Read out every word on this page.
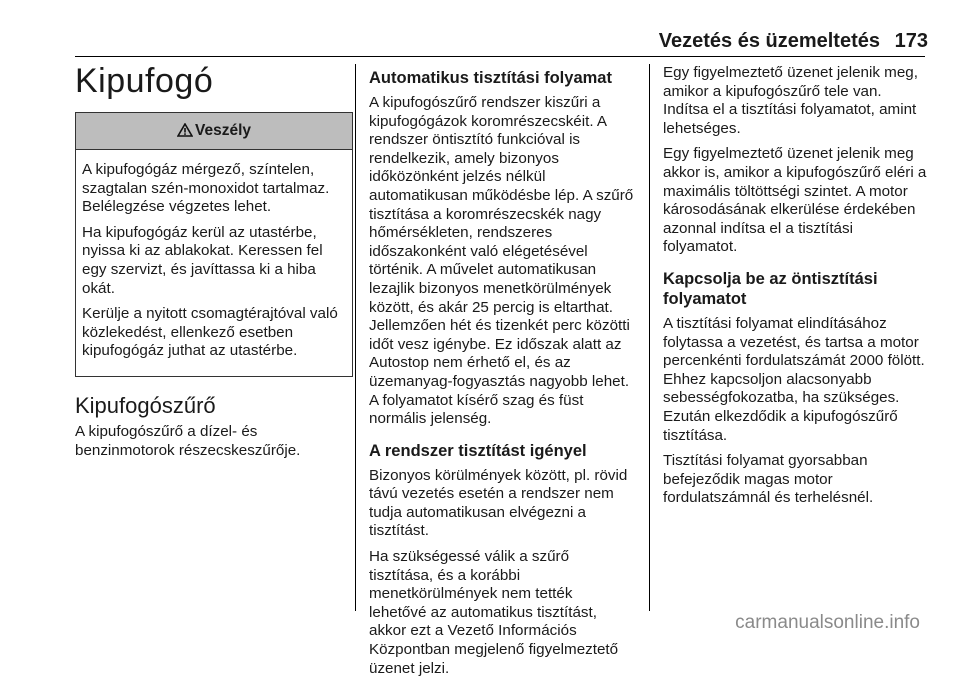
Vezetés és üzemeltetés 173
Kipufogó
Veszély

A kipufogógáz mérgező, színtelen, szagtalan szén-monoxidot tartalmaz. Belélegzése végzetes lehet.

Ha kipufogógáz kerül az utastérbe, nyissa ki az ablakokat. Keressen fel egy szervizt, és javíttassa ki a hiba okát.

Kerülje a nyitott csomagtérajtóval való közlekedést, ellenkező esetben kipufogógáz juthat az utastérbe.

Kipufogószűrő

A kipufogószűrő a dízel- és benzinmotorok részecskeszűrője.

Automatikus tisztítási folyamat

A kipufogószűrő rendszer kiszűri a kipufogógázok koromrészecskéit. A rendszer öntisztító funkcióval is rendelkezik, amely bizonyos időközönként jelzés nélkül automatikusan működésbe lép. A szűrő tisztítása a koromrészecskék nagy hőmérsékleten, rendszeres időszakonként való elégetésével történik. A művelet automatikusan lezajlik bizonyos menetkörülmények között, és akár 25 percig is eltarthat. Jellemzően hét és tizenkét perc közötti időt vesz igénybe. Ez időszak alatt az Autostop nem érhető el, és az üzemanyag-fogyasztás nagyobb lehet. A folyamatot kísérő szag és füst normális jelenség.

A rendszer tisztítást igényel

Bizonyos körülmények között, pl. rövid távú vezetés esetén a rendszer nem tudja automatikusan elvégezni a tisztítást.

Ha szükségessé válik a szűrő tisztítása, és a korábbi menetkörülmények nem tették lehetővé az automatikus tisztítást, akkor ezt a Vezető Információs Központban megjelenő figyelmeztető üzenet jelzi.

Egy figyelmeztető üzenet jelenik meg, amikor a kipufogószűrő tele van. Indítsa el a tisztítási folyamatot, amint lehetséges.

Egy figyelmeztető üzenet jelenik meg akkor is, amikor a kipufogószűrő eléri a maximális töltöttségi szintet. A motor károsodásának elkerülése érdekében azonnal indítsa el a tisztítási folyamatot.

Kapcsolja be az öntisztítási folyamatot

A tisztítási folyamat elindításához folytassa a vezetést, és tartsa a motor percenkénti fordulatszámát 2000 fölött. Ehhez kapcsoljon alacsonyabb sebességfokozatba, ha szükséges. Ezután elkezdődik a kipufogószűrő tisztítása.

Tisztítási folyamat gyorsabban befejeződik magas motor fordulatszámnál és terhelésnél.

carmanualsonline.info
